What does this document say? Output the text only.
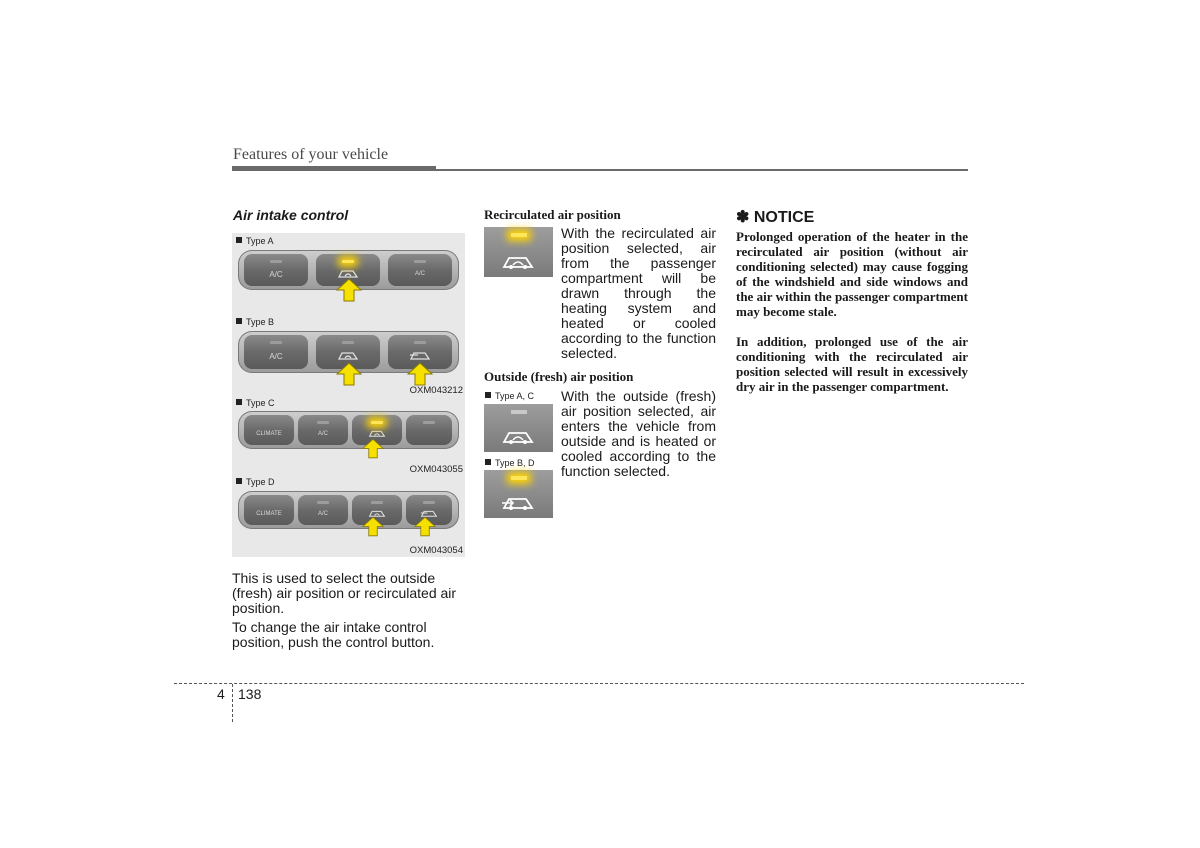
Features of your vehicle
Air intake control
Type A
A/C	A/C
Type B
A/C
OXM043212
Type C
CLIMATE	A/C
OXM043055
Type D
CLIMATE	A/C
OXM043054
This is used to select the outside (fresh) air position or recirculated air position.
To change the air intake control position, push the control button.
Recirculated air position
With the recirculated air position selected, air from the passenger compartment will be drawn through the heating system and heated or cooled according to the function selected.
Outside (fresh) air position
Type A, C
Type B, D
With the outside (fresh) air position selected, air enters the vehicle from outside and is heated or cooled according to the function selected.
✽ NOTICE
Prolonged operation of the heater in the recirculated air position (without air conditioning selected) may cause fogging of the windshield and side windows and the air within the passenger compartment may become stale.
In addition, prolonged use of the air conditioning with the recirculated air position selected will result in excessively dry air in the passenger compartment.
4 138
